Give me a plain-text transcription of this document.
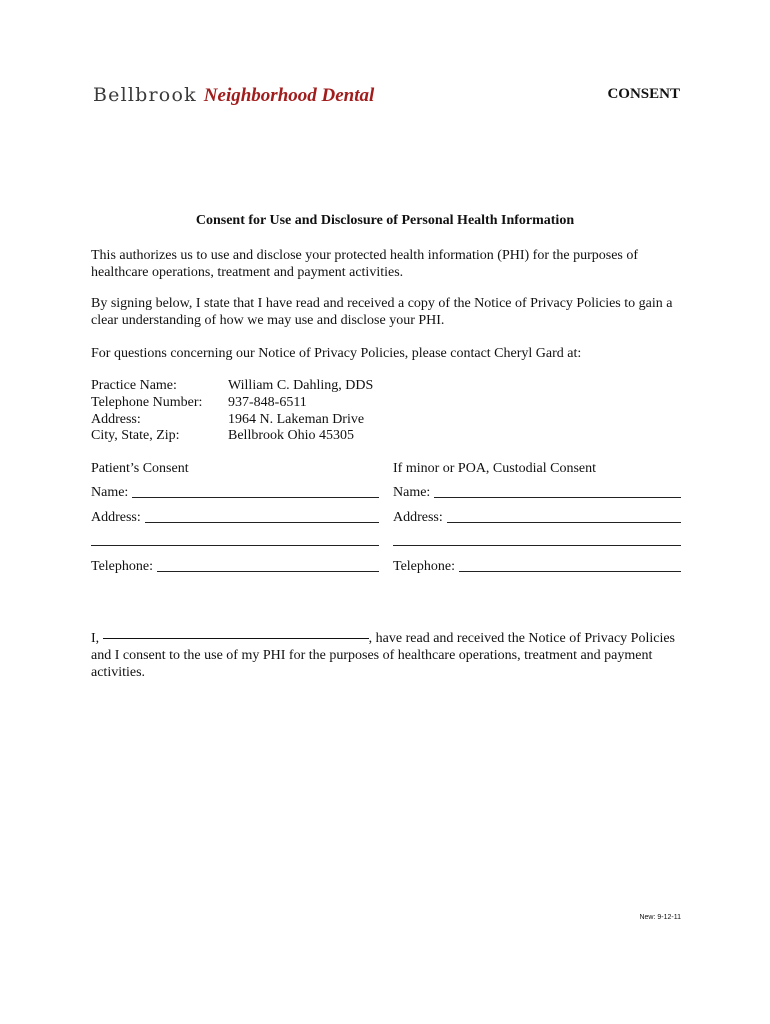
Bellbrook Neighborhood Dental	CONSENT
Consent for Use and Disclosure of Personal Health Information
This authorizes us to use and disclose your protected health information (PHI) for the purposes of healthcare operations, treatment and payment activities.
By signing below, I state that I have read and received a copy of the Notice of Privacy Policies to gain a clear understanding of how we may use and disclose your PHI.
For questions concerning our Notice of Privacy Policies, please contact Cheryl Gard at:
Practice Name:	William C. Dahling, DDS
Telephone Number: 937-848-6511
Address:	1964 N. Lakeman Drive
City, State, Zip:	Bellbrook Ohio 45305
Patient’s Consent	If minor or POA, Custodial Consent
Name:	Name:
Address:	Address:
Telephone:	Telephone:
I,	, have read and received the Notice of Privacy Policies and I consent to the use of my PHI for the purposes of healthcare operations, treatment and payment activities.
New: 9-12-11
